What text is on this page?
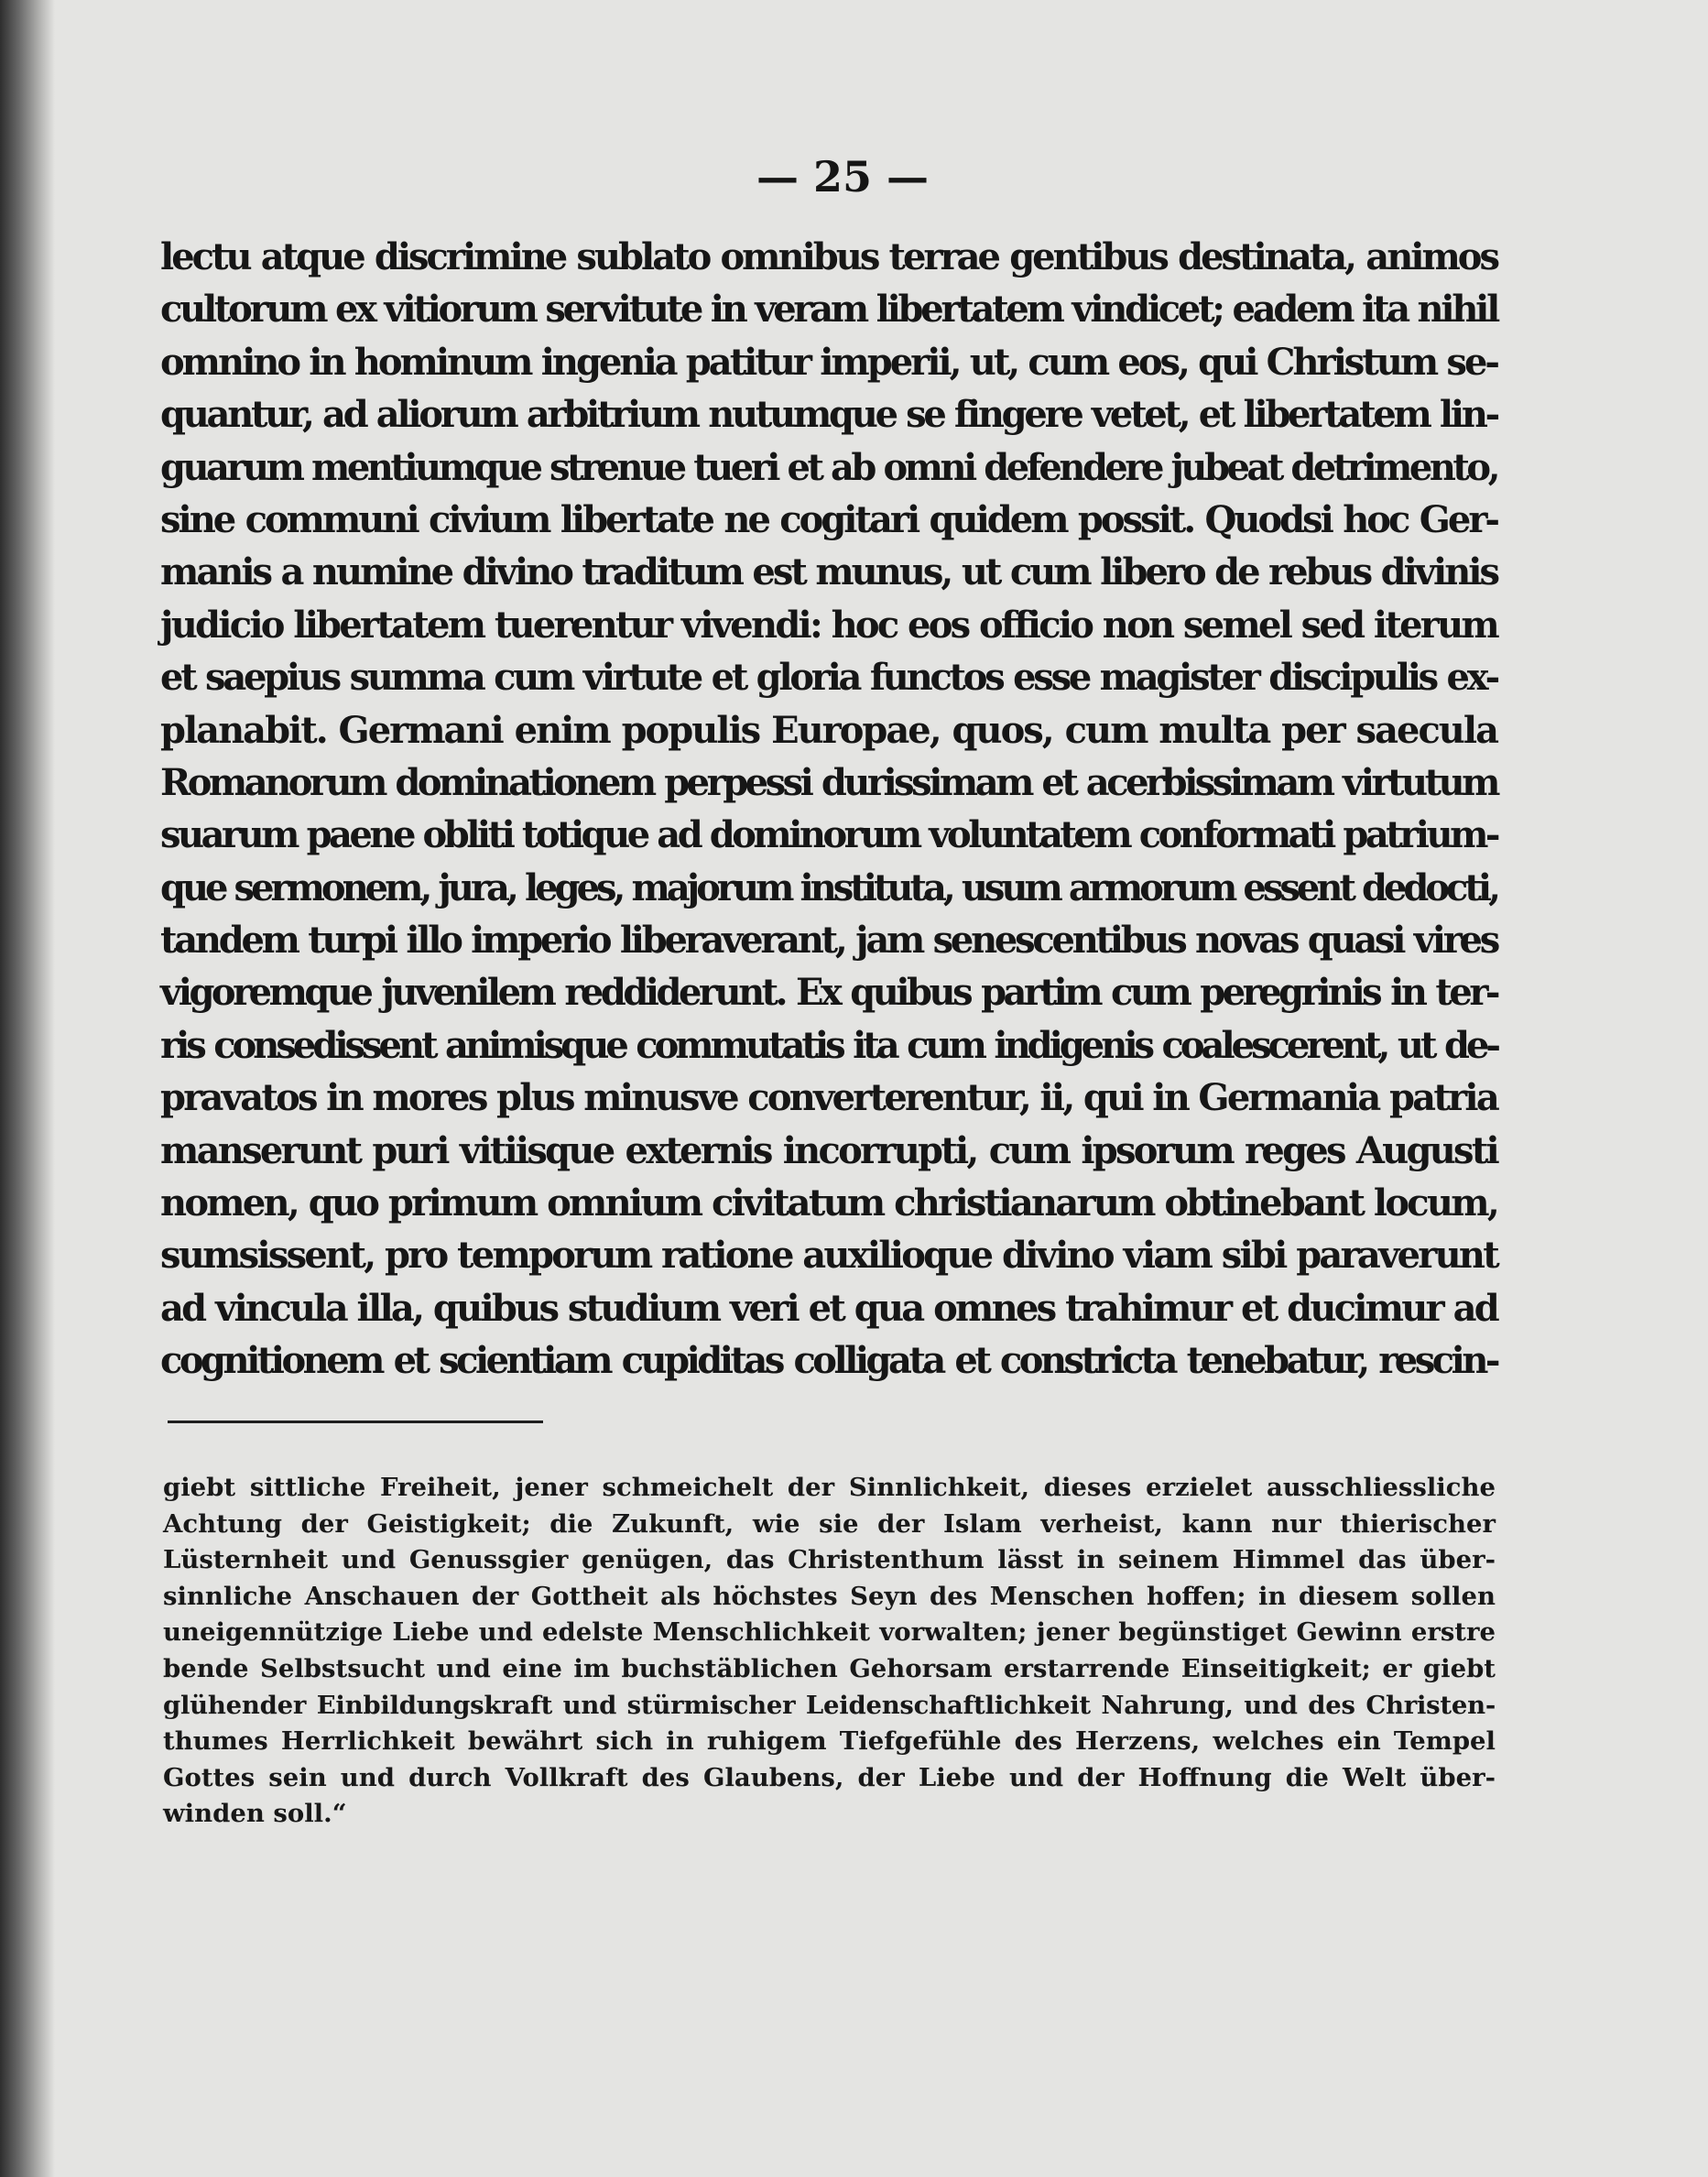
— 25 —
lectu atque discrimine sublato omnibus terrae gentibus destinata, animos
cultorum ex vitiorum servitute in veram libertatem vindicet; eadem ita nihil
omnino in hominum ingenia patitur imperii, ut, cum eos, qui Christum se-
quantur, ad aliorum arbitrium nutumque se fingere vetet, et libertatem lin-
guarum mentiumque strenue tueri et ab omni defendere jubeat detrimento,
sine communi civium libertate ne cogitari quidem possit. Quodsi hoc Ger-
manis a numine divino traditum est munus, ut cum libero de rebus divinis
judicio libertatem tuerentur vivendi: hoc eos officio non semel sed iterum
et saepius summa cum virtute et gloria functos esse magister discipulis ex-
planabit. Germani enim populis Europae, quos, cum multa per saecula
Romanorum dominationem perpessi durissimam et acerbissimam virtutum
suarum paene obliti totique ad dominorum voluntatem conformati patrium-
que sermonem, jura, leges, majorum instituta, usum armorum essent dedocti,
tandem turpi illo imperio liberaverant, jam senescentibus novas quasi vires
vigoremque juvenilem reddiderunt. Ex quibus partim cum peregrinis in ter-
ris consedissent animisque commutatis ita cum indigenis coalescerent, ut de-
pravatos in mores plus minusve converterentur, ii, qui in Germania patria
manserunt puri vitiisque externis incorrupti, cum ipsorum reges Augusti
nomen, quo primum omnium civitatum christianarum obtinebant locum,
sumsissent, pro temporum ratione auxilioque divino viam sibi paraverunt
ad vincula illa, quibus studium veri et qua omnes trahimur et ducimur ad
cognitionem et scientiam cupiditas colligata et constricta tenebatur, rescin-
giebt sittliche Freiheit, jener schmeichelt der Sinnlichkeit, dieses erzielet ausschliessliche
Achtung der Geistigkeit; die Zukunft, wie sie der Islam verheist, kann nur thierischer
Lüsternheit und Genussgier genügen, das Christenthum lässt in seinem Himmel das über-
sinnliche Anschauen der Gottheit als höchstes Seyn des Menschen hoffen; in diesem sollen
uneigennützige Liebe und edelste Menschlichkeit vorwalten; jener begünstiget Gewinn erstre
bende Selbstsucht und eine im buchstäblichen Gehorsam erstarrende Einseitigkeit; er giebt
glühender Einbildungskraft und stürmischer Leidenschaftlichkeit Nahrung, und des Christen-
thumes Herrlichkeit bewährt sich in ruhigem Tiefgefühle des Herzens, welches ein Tempel
Gottes sein und durch Vollkraft des Glaubens, der Liebe und der Hoffnung die Welt über-
winden soll.“
